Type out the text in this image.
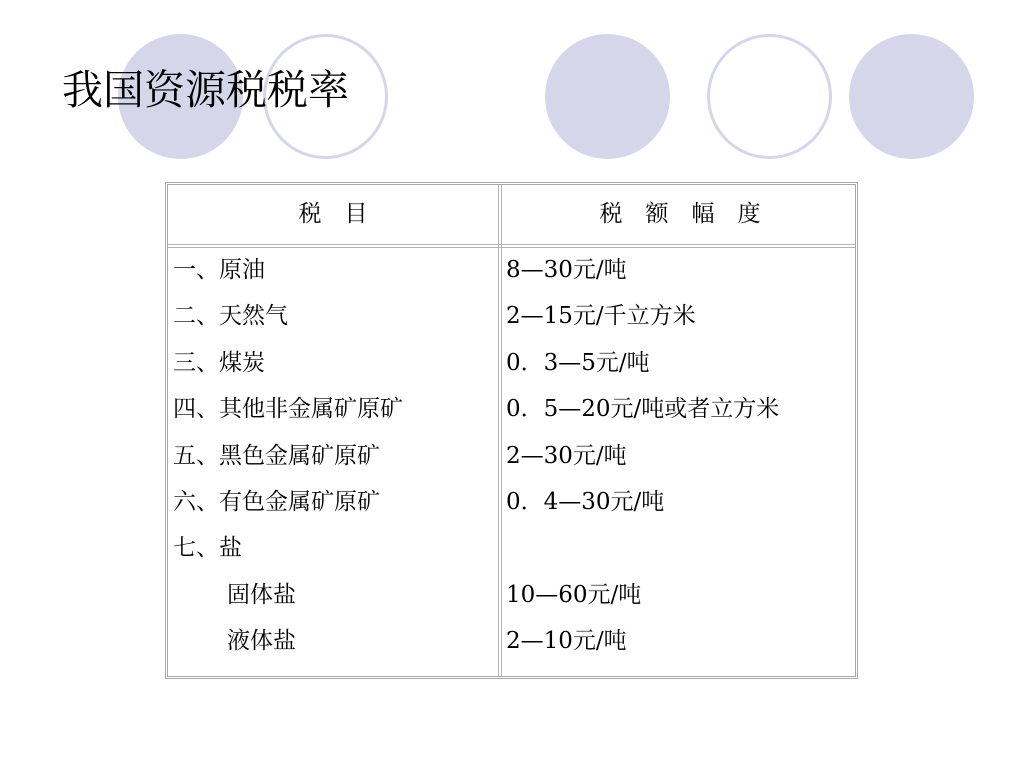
我国资源税税率
税　目	税　额　幅　度
一、原油
二、天然气
三、煤炭
四、其他非金属矿原矿
五、黑色金属矿原矿
六、有色金属矿原矿
七、盐
固体盐
液体盐
8—30元/吨
2—15元/千立方米
0．3—5元/吨
0．5—20元/吨或者立方米
2—30元/吨
0．4—30元/吨
10—60元/吨
2—10元/吨
